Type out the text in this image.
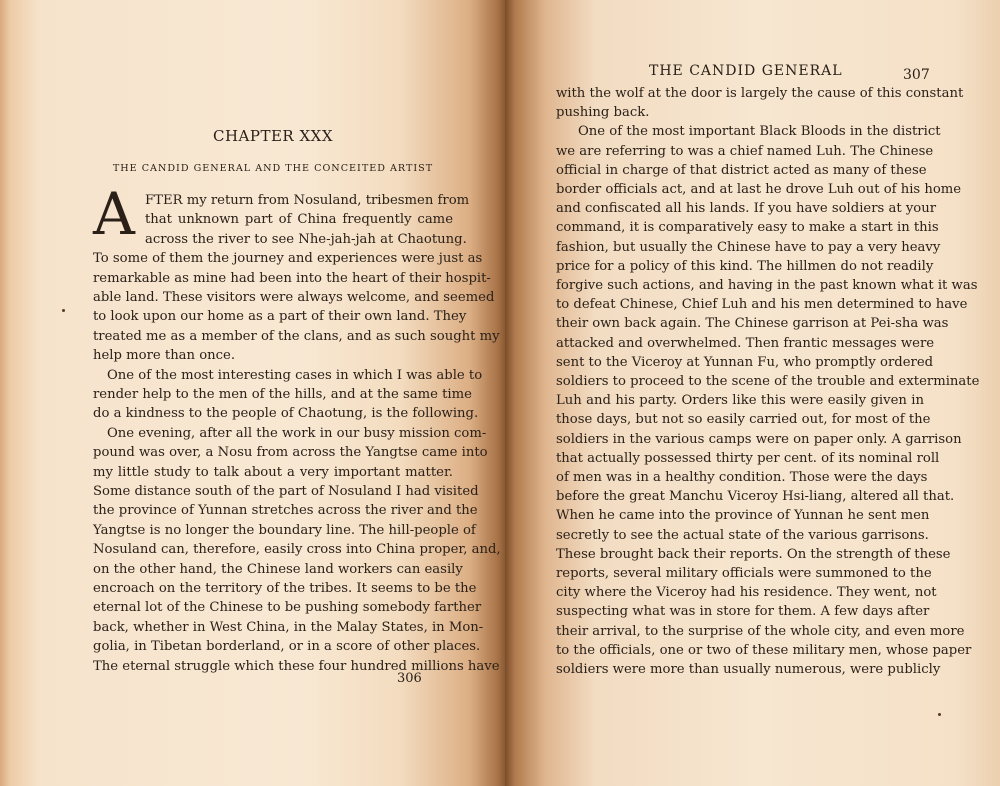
CHAPTER XXX
THE CANDID GENERAL AND THE CONCEITED ARTIST
A FTER my return from Nosuland, tribesmen from
that unknown part of China frequently came
across the river to see Nhe-jah-jah at Chaotung.
To some of them the journey and experiences were just as
remarkable as mine had been into the heart of their hospit-
able land. These visitors were always welcome, and seemed
to look upon our home as a part of their own land. They
treated me as a member of the clans, and as such sought my
help more than once.
One of the most interesting cases in which I was able to
render help to the men of the hills, and at the same time
do a kindness to the people of Chaotung, is the following.
One evening, after all the work in our busy mission com-
pound was over, a Nosu from across the Yangtse came into
my little study to talk about a very important matter.
Some distance south of the part of Nosuland I had visited
the province of Yunnan stretches across the river and the
Yangtse is no longer the boundary line. The hill-people of
Nosuland can, therefore, easily cross into China proper, and,
on the other hand, the Chinese land workers can easily
encroach on the territory of the tribes. It seems to be the
eternal lot of the Chinese to be pushing somebody farther
back, whether in West China, in the Malay States, in Mon-
golia, in Tibetan borderland, or in a score of other places.
The eternal struggle which these four hundred millions have
306
THE CANDID GENERAL	307
with the wolf at the door is largely the cause of this constant
pushing back.
One of the most important Black Bloods in the district
we are referring to was a chief named Luh. The Chinese
official in charge of that district acted as many of these
border officials act, and at last he drove Luh out of his home
and confiscated all his lands. If you have soldiers at your
command, it is comparatively easy to make a start in this
fashion, but usually the Chinese have to pay a very heavy
price for a policy of this kind. The hillmen do not readily
forgive such actions, and having in the past known what it was
to defeat Chinese, Chief Luh and his men determined to have
their own back again. The Chinese garrison at Pei-sha was
attacked and overwhelmed. Then frantic messages were
sent to the Viceroy at Yunnan Fu, who promptly ordered
soldiers to proceed to the scene of the trouble and exterminate
Luh and his party. Orders like this were easily given in
those days, but not so easily carried out, for most of the
soldiers in the various camps were on paper only. A garrison
that actually possessed thirty per cent. of its nominal roll
of men was in a healthy condition. Those were the days
before the great Manchu Viceroy Hsi-liang, altered all that.
When he came into the province of Yunnan he sent men
secretly to see the actual state of the various garrisons.
These brought back their reports. On the strength of these
reports, several military officials were summoned to the
city where the Viceroy had his residence. They went, not
suspecting what was in store for them. A few days after
their arrival, to the surprise of the whole city, and even more
to the officials, one or two of these military men, whose paper
soldiers were more than usually numerous, were publicly
